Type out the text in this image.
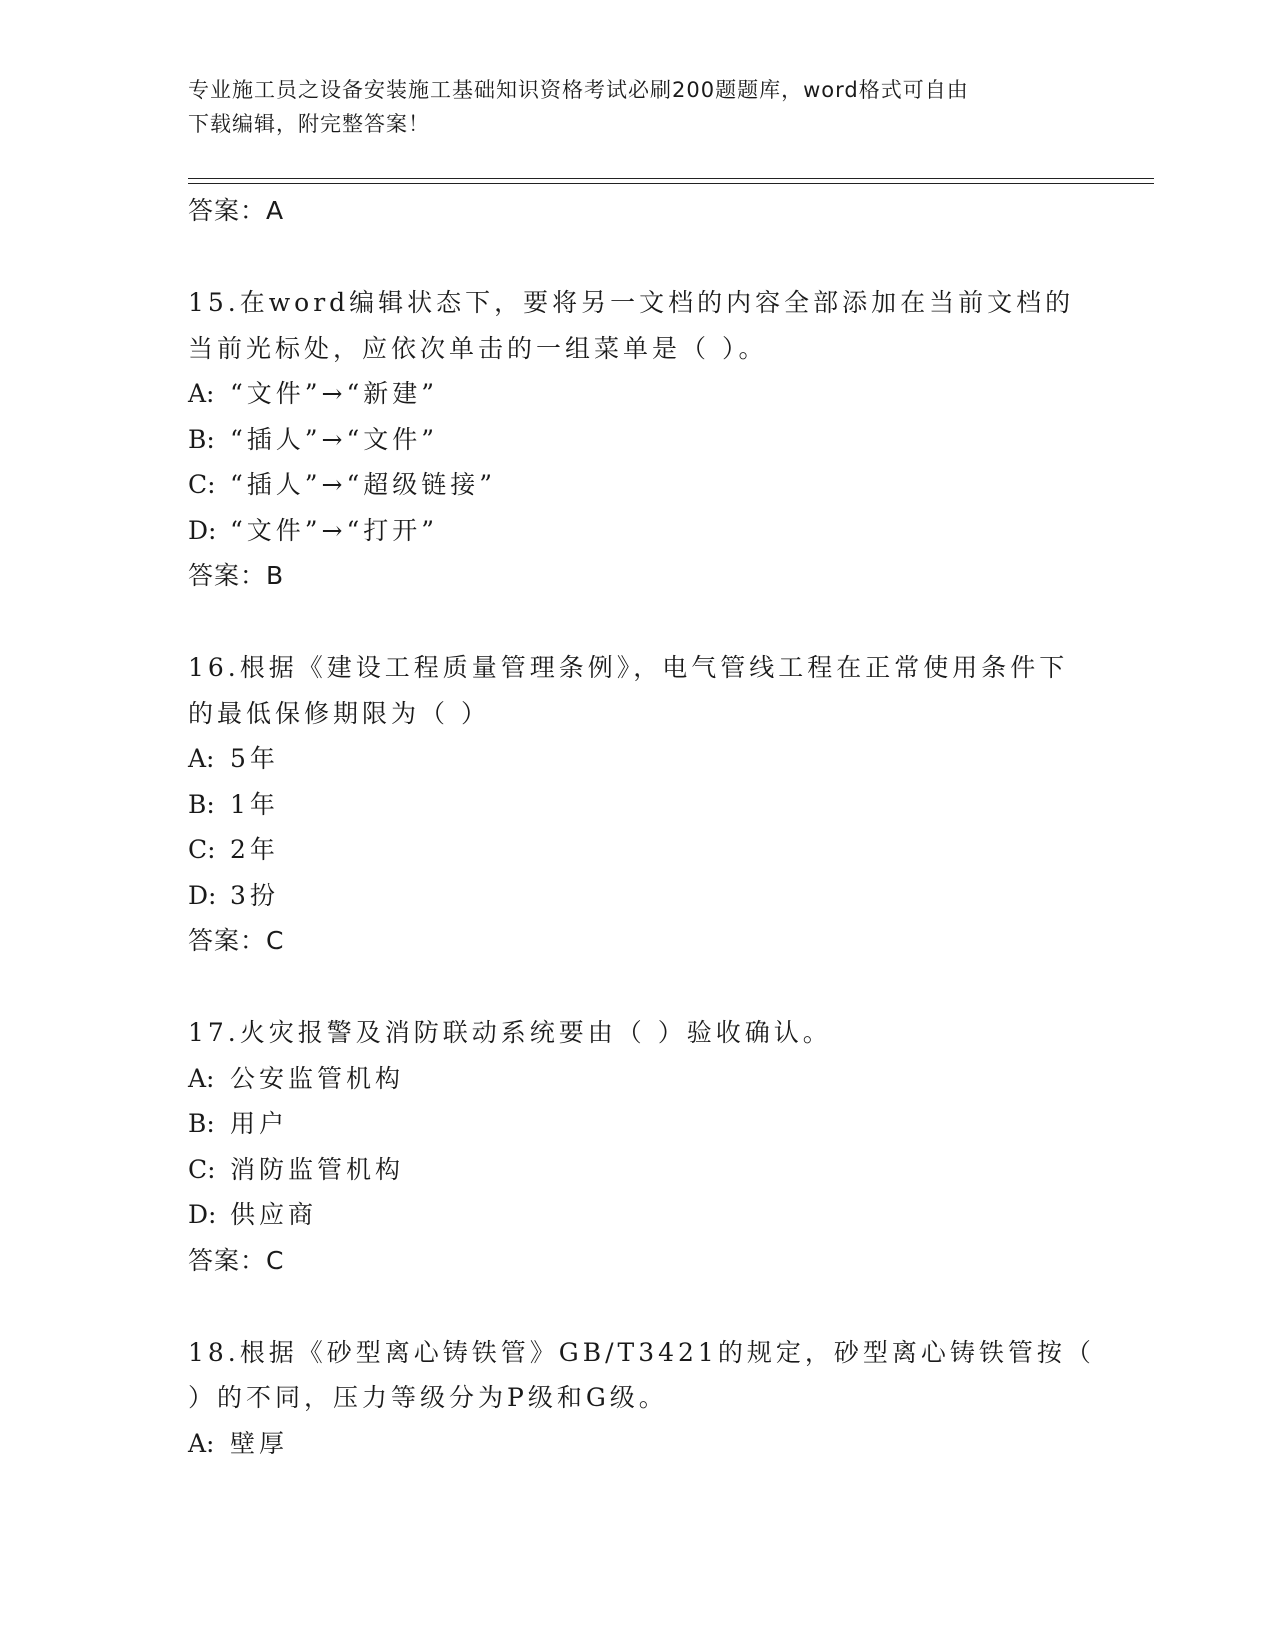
专业施工员之设备安装施工基础知识资格考试必刷200题题库，word格式可自由
下载编辑，附完整答案！
答案：A
15.在word编辑状态下，要将另一文档的内容全部添加在当前文档的
当前光标处，应依次单击的一组菜单是（ ）。
A: “文件”→“新建”
B: “插人”→“文件”
C: “插人”→“超级链接”
D: “文件”→“打开”
答案：B
16.根据《建设工程质量管理条例》，电气管线工程在正常使用条件下
的最低保修期限为（ ）
A: 5年
B: 1年
C: 2年
D: 3扮
答案：C
17.火灾报警及消防联动系统要由（ ）验收确认。
A: 公安监管机构
B: 用户
C: 消防监管机构
D: 供应商
答案：C
18.根据《砂型离心铸铁管》GB/T3421的规定，砂型离心铸铁管按（
）的不同，压力等级分为P级和G级。
A: 壁厚
